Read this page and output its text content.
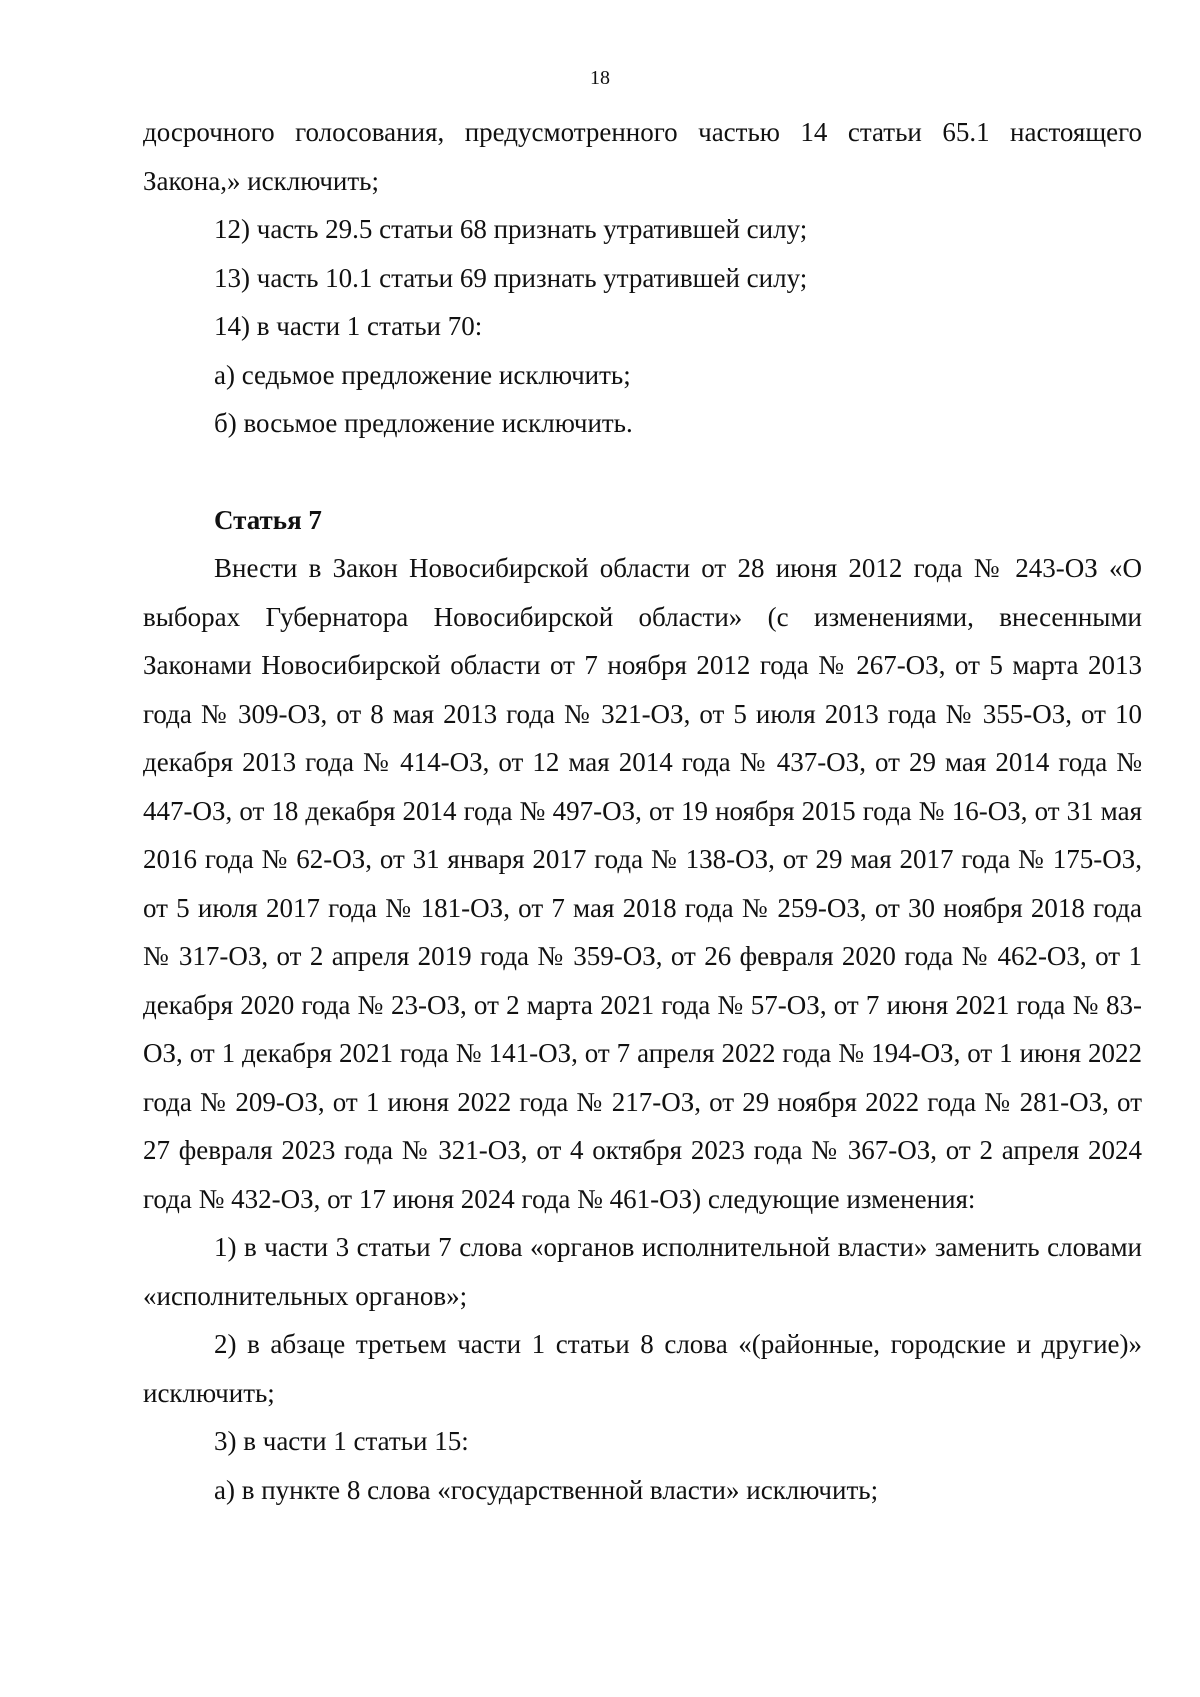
18

досрочного голосования, предусмотренного частью 14 статьи 65.1 настоящего Закона,» исключить;

12) часть 29.5 статьи 68 признать утратившей силу;

13) часть 10.1 статьи 69 признать утратившей силу;

14) в части 1 статьи 70:

а) седьмое предложение исключить;

б) восьмое предложение исключить.

Статья 7

Внести в Закон Новосибирской области от 28 июня 2012 года № 243-ОЗ «О выборах Губернатора Новосибирской области» (с изменениями, внесенными Законами Новосибирской области от 7 ноября 2012 года № 267-ОЗ, от 5 марта 2013 года № 309-ОЗ, от 8 мая 2013 года № 321-ОЗ, от 5 июля 2013 года № 355-ОЗ, от 10 декабря 2013 года № 414-ОЗ, от 12 мая 2014 года № 437-ОЗ, от 29 мая 2014 года № 447-ОЗ, от 18 декабря 2014 года № 497-ОЗ, от 19 ноября 2015 года № 16-ОЗ, от 31 мая 2016 года № 62-ОЗ, от 31 января 2017 года № 138-ОЗ, от 29 мая 2017 года № 175-ОЗ, от 5 июля 2017 года № 181-ОЗ, от 7 мая 2018 года № 259-ОЗ, от 30 ноября 2018 года № 317-ОЗ, от 2 апреля 2019 года № 359-ОЗ, от 26 февраля 2020 года № 462-ОЗ, от 1 декабря 2020 года № 23-ОЗ, от 2 марта 2021 года № 57-ОЗ, от 7 июня 2021 года № 83-ОЗ, от 1 декабря 2021 года № 141-ОЗ, от 7 апреля 2022 года № 194-ОЗ, от 1 июня 2022 года № 209-ОЗ, от 1 июня 2022 года № 217-ОЗ, от 29 ноября 2022 года № 281-ОЗ, от 27 февраля 2023 года № 321-ОЗ, от 4 октября 2023 года № 367-ОЗ, от 2 апреля 2024 года № 432-ОЗ, от 17 июня 2024 года № 461-ОЗ) следующие изменения:

1) в части 3 статьи 7 слова «органов исполнительной власти» заменить словами «исполнительных органов»;

2) в абзаце третьем части 1 статьи 8 слова «(районные, городские и другие)» исключить;

3) в части 1 статьи 15:

а) в пункте 8 слова «государственной власти» исключить;
